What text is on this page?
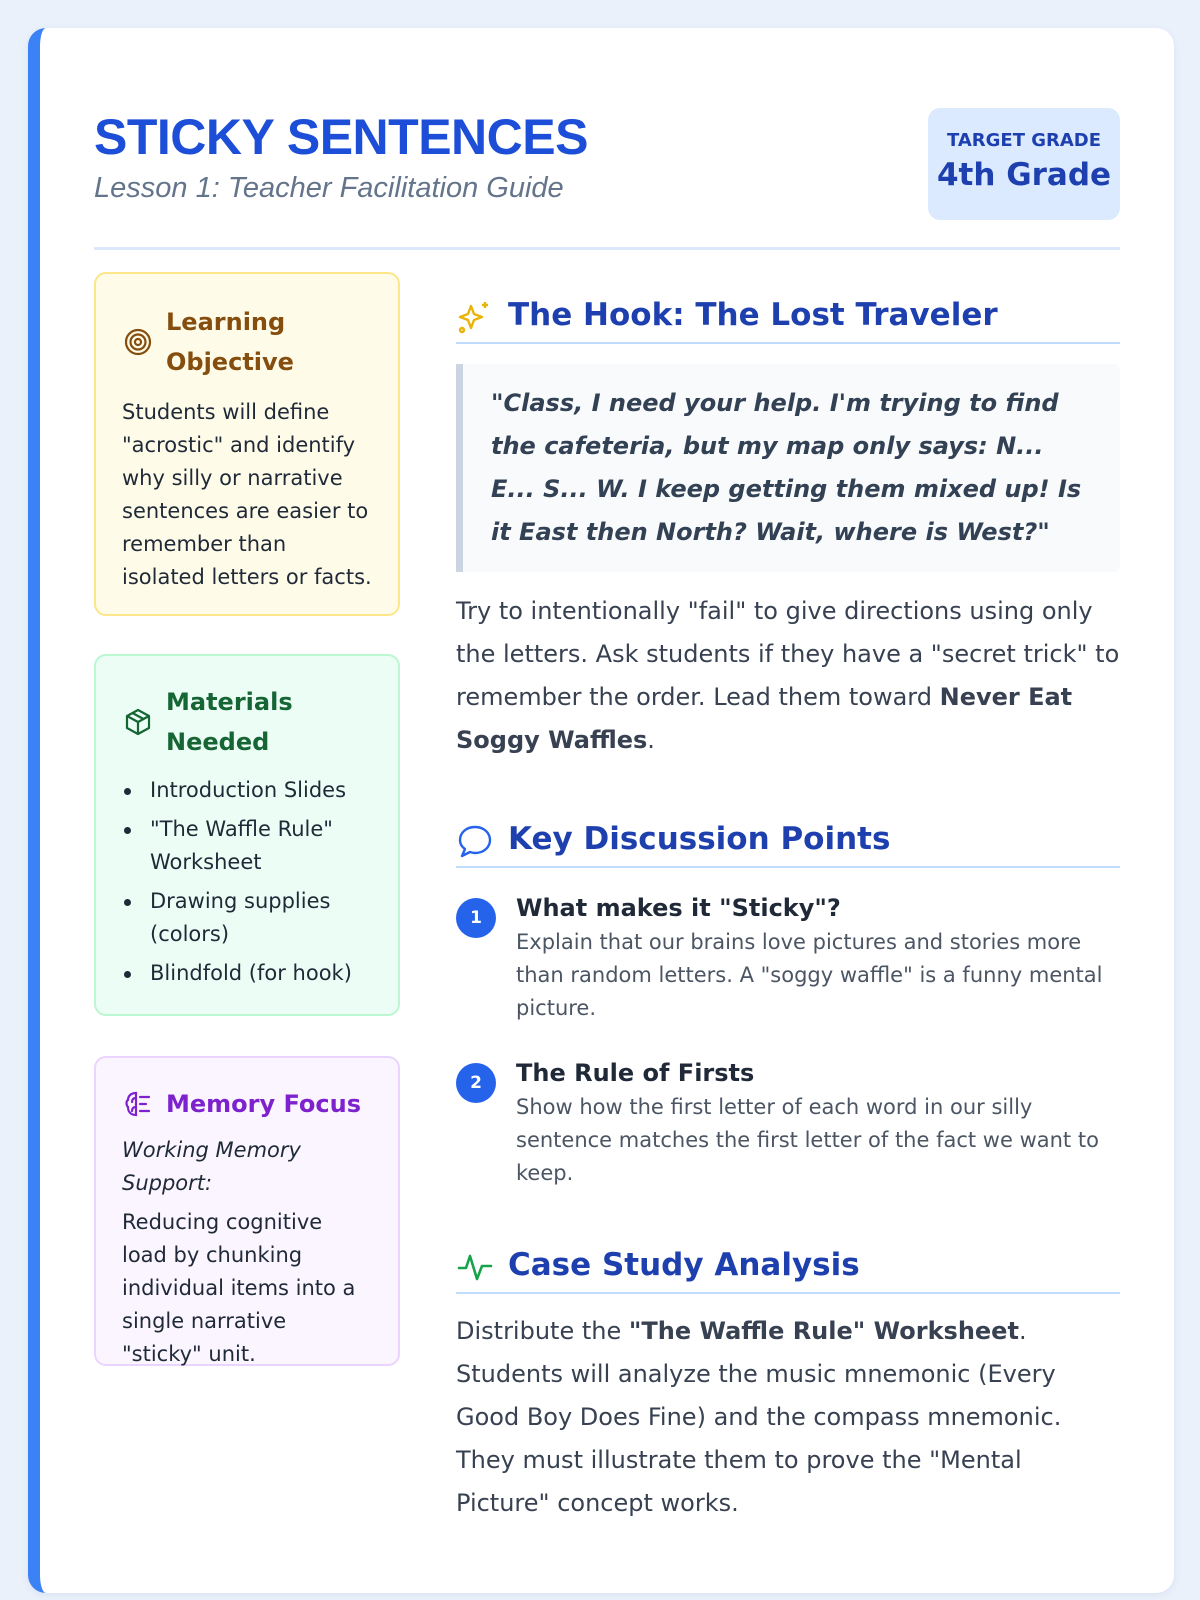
STICKY SENTENCES
Lesson 1: Teacher Facilitation Guide
TARGET GRADE
4th Grade
Learning Objective
Students will define "acrostic" and identify why silly or narrative sentences are easier to remember than isolated letters or facts.
Materials Needed
Introduction Slides
"The Waffle Rule" Worksheet
Drawing supplies (colors)
Blindfold (for hook)
Memory Focus
Working Memory Support:
Reducing cognitive load by chunking individual items into a single narrative "sticky" unit.
The Hook: The Lost Traveler
"Class, I need your help. I'm trying to find the cafeteria, but my map only says: N... E... S... W. I keep getting them mixed up! Is it East then North? Wait, where is West?"
Try to intentionally "fail" to give directions using only the letters. Ask students if they have a "secret trick" to remember the order. Lead them toward Never Eat Soggy Waffles.
Key Discussion Points
1	What makes it "Sticky"?
Explain that our brains love pictures and stories more than random letters. A "soggy waffle" is a funny mental picture.
2	The Rule of Firsts
Show how the first letter of each word in our silly sentence matches the first letter of the fact we want to keep.
Case Study Analysis
Distribute the "The Waffle Rule" Worksheet. Students will analyze the music mnemonic (Every Good Boy Does Fine) and the compass mnemonic. They must illustrate them to prove the "Mental Picture" concept works.
